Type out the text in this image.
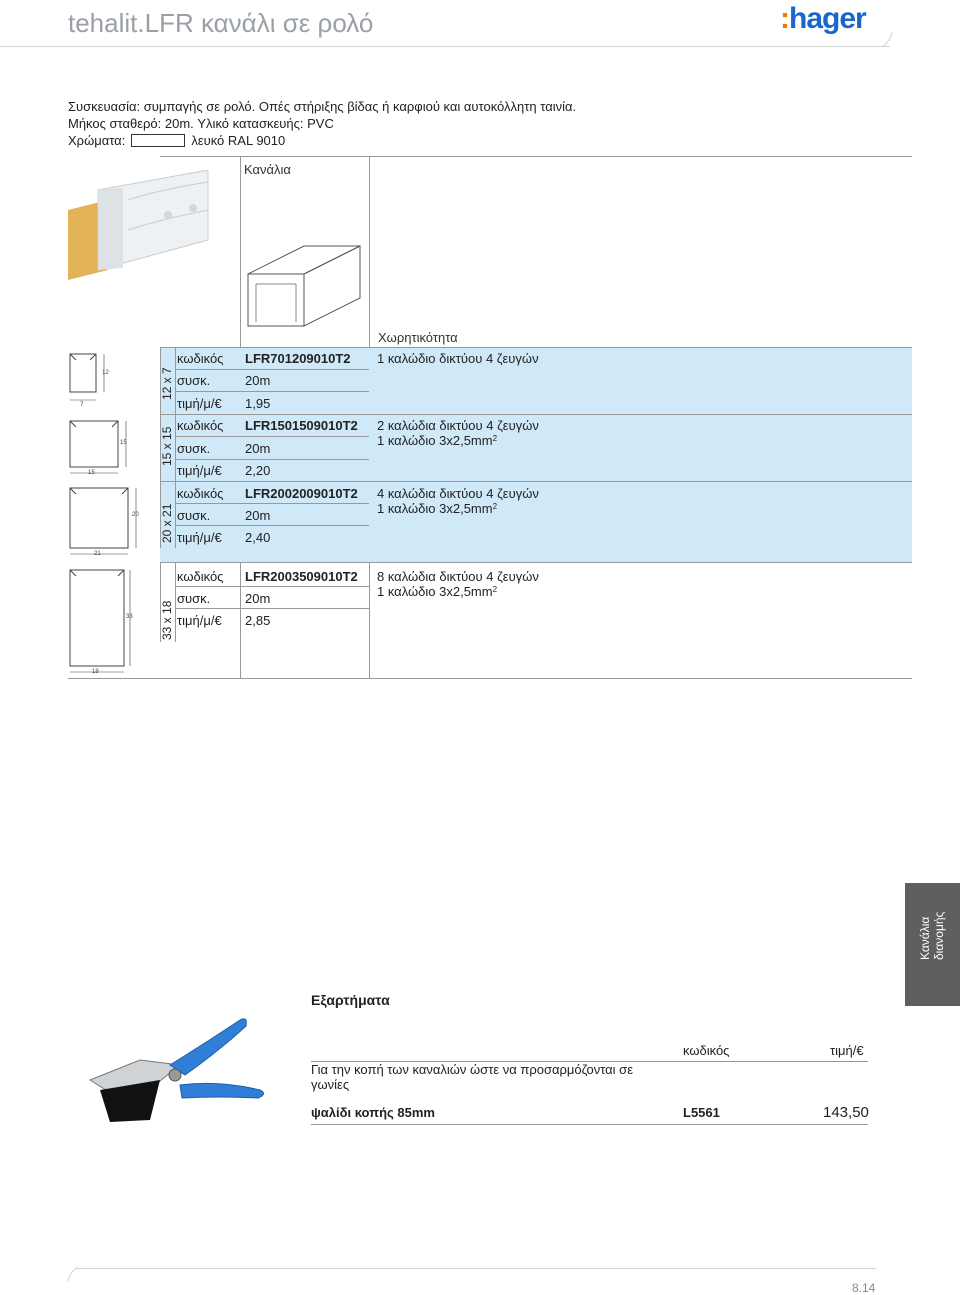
tehalit.LFR κανάλι σε ρολό	:hager
Συσκευασία: συμπαγής σε ρολό. Οπές στήριξης βίδας ή καρφιού και αυτοκόλλητη ταινία.
Μήκος σταθερό: 20m. Υλικό κατασκευής: PVC
Χρώματα:	λευκό RAL 9010
Κανάλια
Χωρητικότητα
12 x 7
12
7
κωδικός LFR701209010T2
συσκ.	20m
τιμή/μ/€ 1,95
1 καλώδιο δικτύου 4 ζευγών
15 x 15
15
15
κωδικός LFR1501509010T2
συσκ.	20m
τιμή/μ/€ 2,20
2 καλώδια δικτύου 4 ζευγών
1 καλώδιο $3x2,5mm^2$
20 x 21
20
21
κωδικός LFR2002009010T2
συσκ.	20m
τιμή/μ/€ 2,40
4 καλώδια δικτύου 4 ζευγών
1 καλώδιο $3x2,5mm^2$
33 x 18
33
18
κωδικός LFR2003509010T2
συσκ.	20m
τιμή/μ/€ 2,85
8 καλώδια δικτύου 4 ζευγών
1 καλώδιο $3x2,5mm^2$
Κανάλια διανομής
Εξαρτήματα
κωδικός	τιμή/€
Για την κοπή των καναλιών ώστε να προσαρμόζονται σε γωνίες
ψαλίδι κοπής 85mm	L5561	143,50
8.14
